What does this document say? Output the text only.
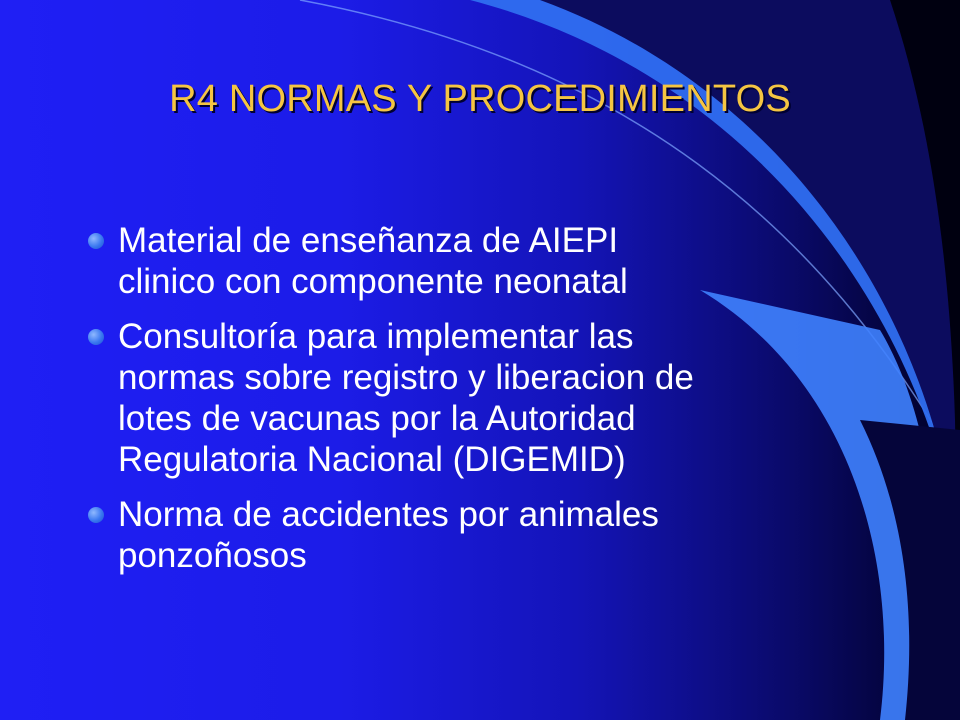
R4 NORMAS Y PROCEDIMIENTOS
Material de enseñanza de AIEPI
clinico con componente neonatal
Consultoría para implementar las
normas sobre registro y liberacion de
lotes de vacunas por la Autoridad
Regulatoria Nacional (DIGEMID)
Norma de accidentes por animales
ponzoñosos
